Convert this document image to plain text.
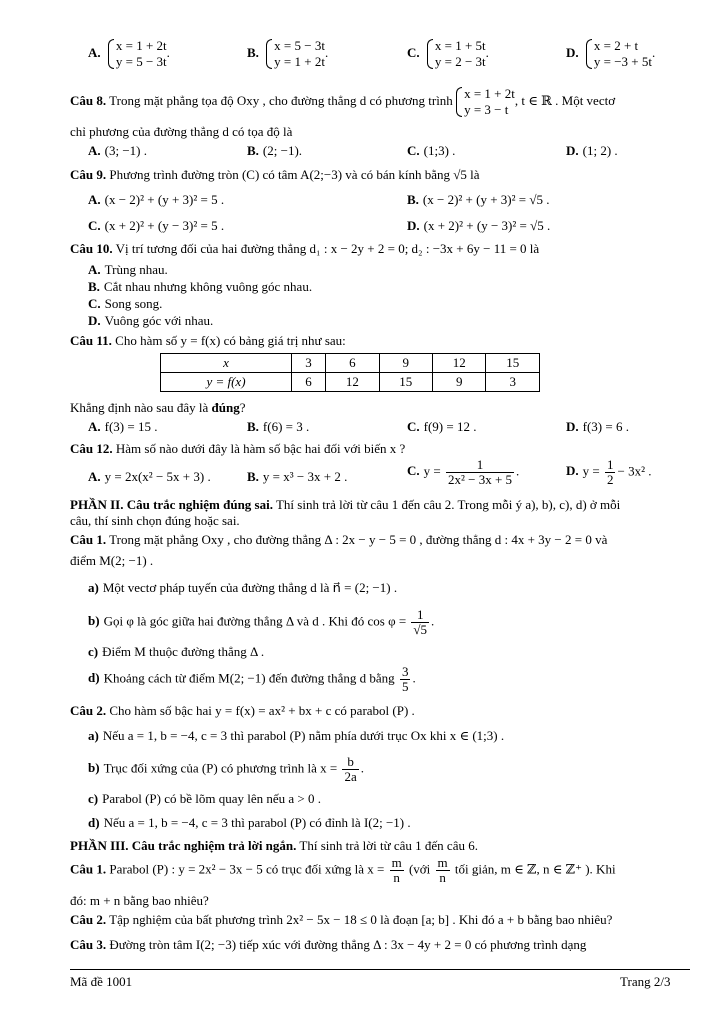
A. x = 1 + 2t
y = 5 − 3t
.	B. x = 5 − 3t
y = 1 + 2t
.	C. x = 1 + 5t
y = 2 − 3t
.	D. x = 2 + t
y = −3 + 5t
.
Câu 8. Trong mặt phẳng tọa độ Oxy , cho đường thẳng d có phương trình x = 1 + 2t
y = 3 − t
, t ∈ ℝ . Một vectơ
chỉ phương của đường thẳng d có tọa độ là
A. (3; −1) .	B. (2; −1).	C. (1;3) .	D. (1; 2) .
Câu 9. Phương trình đường tròn (C) có tâm A(2;−3) và có bán kính bằng √5 là
A. (x − 2)² + (y + 3)² = 5 .	B. (x − 2)² + (y + 3)² = √5 .
C. (x + 2)² + (y − 3)² = 5 .	D. (x + 2)² + (y − 3)² = √5 .
Câu 10. Vị trí tương đối của hai đường thẳng d₁ : x − 2y + 2 = 0; d₂ : −3x + 6y − 11 = 0 là
A. Trùng nhau.
B. Cắt nhau nhưng không vuông góc nhau.
C. Song song.
D. Vuông góc với nhau.
Câu 11. Cho hàm số y = f(x) có bảng giá trị như sau:
x	3	6	9	12	15
y = f(x)	6	12	15	9	3
Khẳng định nào sau đây là đúng?
A. f(3) = 15 .	B. f(6) = 3 .	C. f(9) = 12 .	D. f(3) = 6 .
Câu 12. Hàm số nào dưới đây là hàm số bậc hai đối với biến x ?
A. y = 2x(x² − 5x + 3) .	B. y = x³ − 3x + 2 .	C. $y = \frac{1}{\text{2x² − 3x + 5}}$ .	D. $y = \frac{1}{2} - 3x^2$ .
PHẦN II. Câu trắc nghiệm đúng sai. Thí sinh trả lời từ câu 1 đến câu 2. Trong mỗi ý a), b), c), d) ở mỗi
câu, thí sinh chọn đúng hoặc sai.
Câu 1. Trong mặt phẳng Oxy , cho đường thẳng Δ : 2x − y − 5 = 0 , đường thẳng d : 4x + 3y − 2 = 0 và
điểm M(2; −1) .
a) Một vectơ pháp tuyến của đường thẳng d là n⃗ = (2; −1) .
b) Gọi φ là góc giữa hai đường thẳng Δ và d . Khi đó $\cos \varphi = \frac{1}{√5}$ .
c) Điểm M thuộc đường thẳng Δ .
d) Khoảng cách từ điểm M(2; −1) đến đường thẳng d bằng $\frac{3}{5}$ .
Câu 2. Cho hàm số bậc hai y = f(x) = ax² + bx + c có parabol (P) .
a) Nếu a = 1, b = −4, c = 3 thì parabol (P) nằm phía dưới trục Ox khi x ∈ (1;3) .
b) Trục đối xứng của (P) có phương trình là $x = \frac{b}{2a}$ .
c) Parabol (P) có bề lõm quay lên nếu a > 0 .
d) Nếu a = 1, b = −4, c = 3 thì parabol (P) có đỉnh là I(2; −1) .
PHẦN III. Câu trắc nghiệm trả lời ngắn. Thí sinh trả lời từ câu 1 đến câu 6.
Câu 1. Parabol (P) : y = 2x² − 3x − 5 có trục đối xứng là $x = \frac{m}{n}$ (với $\frac{m}{n}$ tối giản, m ∈ ℤ, n ∈ ℤ⁺ ). Khi
đó: m + n bằng bao nhiêu?
Câu 2. Tập nghiệm của bất phương trình 2x² − 5x − 18 ≤ 0 là đoạn [a; b] . Khi đó a + b bằng bao nhiêu?
Câu 3. Đường tròn tâm I(2; −3) tiếp xúc với đường thẳng Δ : 3x − 4y + 2 = 0 có phương trình dạng
Mã đề 1001	Trang 2/3
